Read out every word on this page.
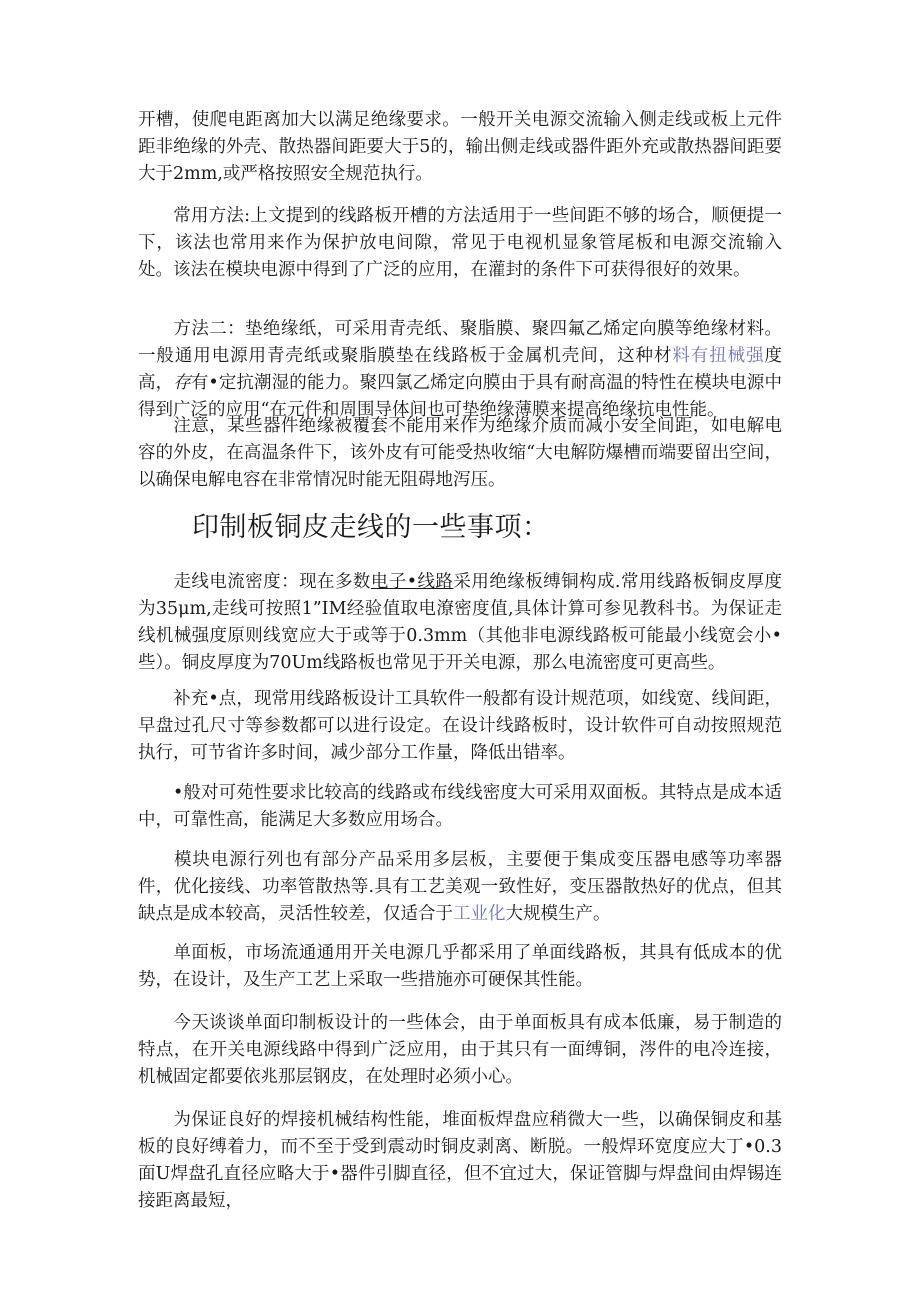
开槽，使爬电距离加大以满足绝缘要求。一般开关电源交流输入侧走线或板上元件距非绝缘的外壳、散热器间距要大于5的，输出侧走线或器件距外充或散热器间距要大于2mm,或严格按照安全规范执行。

常用方法:上文提到的线路板开槽的方法适用于一些间距不够的场合，顺便提一下，该法也常用来作为保护放电间隙，常见于电视机显象管尾板和电源交流输入处。该法在模块电源中得到了广泛的应用，在灌封的条件下可获得很好的效果。

方法二：垫绝缘纸，可采用青壳纸、聚脂膜、聚四氟乙烯定向膜等绝缘材料。一般通用电源用青壳纸或聚脂膜垫在线路板于金属机壳间，这种材料有扭械强度高，存有•定抗潮湿的能力。聚四氯乙烯定向膜由于具有耐高温的特性在模块电源中得到广泛的应用“在元件和周围导体间也可垫绝缘薄膜来提高绝缘抗电性能。

注意，某些器件绝缘被覆套不能用来作为绝缘介质而减小安全间距，如电解电容的外皮，在高温条件下，该外皮有可能受热收缩“大电解防爆槽而端要留出空间，以确保电解电容在非常情况时能无阻碍地泻压。

印制板铜皮走线的一些事项：

走线电流密度：现在多数电子•线路采用绝缘板缚铜构成.常用线路板铜皮厚度为35μm,走线可按照1”IM经验值取电潦密度值,具体计算可参见教科书。为保证走线机械强度原则线宽应大于或等于0.3mm（其他非电源线路板可能最小线宽会小•些）。铜皮厚度为70Um线路板也常见于开关电源，那么电流密度可更高些。

补充•点，现常用线路板设计工具软件一般都有设计规范项，如线宽、线间距，早盘过孔尺寸等参数都可以进行设定。在设计线路板时，设计软件可自动按照规范执行，可节省许多时间，减少部分工作量，降低出错率。

•般对可苑性要求比较高的线路或布线线密度大可采用双面板。其特点是成本适中，可靠性高，能满足大多数应用场合。

模块电源行列也有部分产品采用多层板，主要便于集成变压器电感等功率器件，优化接线、功率管散热等.具有工艺美观一致性好，变压器散热好的优点，但其缺点是成本较高，灵活性较差，仅适合于工业化大规模生产。

单面板，市场流通通用开关电源几乎都采用了单面线路板，其具有低成本的优势，在设计，及生产工艺上采取一些措施亦可硬保其性能。

今天谈谈单面印制板设计的一些体会，由于单面板具有成本低廉，易于制造的特点，在开关电源线路中得到广泛应用，由于其只有一面缚铜，涔件的电冷连接，机械固定都要依兆那层钢皮，在处理时必须小心。

为保证良好的焊接机械结构性能，堆面板焊盘应稍微大一些，以确保铜皮和基板的良好缚着力，而不至于受到震动时铜皮剥离、断脱。一般焊环宽度应大丁•0.3面U焊盘孔直径应略大于•器件引脚直径，但不宜过大，保证管脚与焊盘间由焊锡连接距离最短，
